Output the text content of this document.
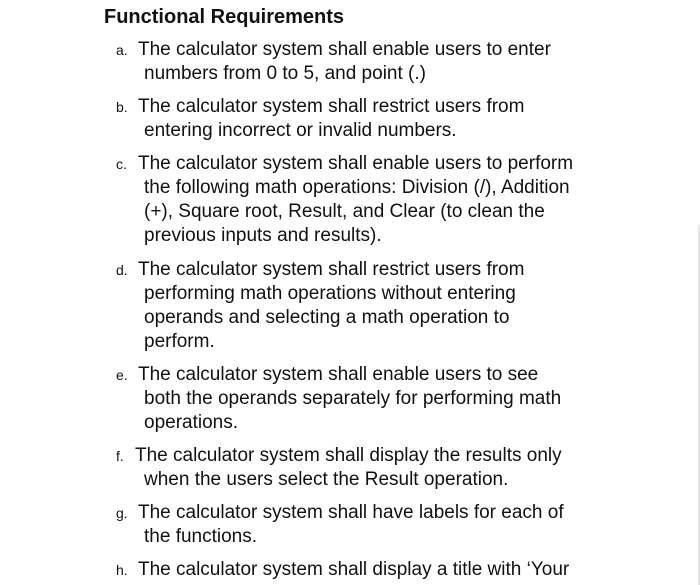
Functional Requirements
a. The calculator system shall enable users to enter
numbers from 0 to 5, and point (.)
b. The calculator system shall restrict users from
entering incorrect or invalid numbers.
c. The calculator system shall enable users to perform
the following math operations: Division (/), Addition
(+), Square root, Result, and Clear (to clean the
previous inputs and results).
d. The calculator system shall restrict users from
performing math operations without entering
operands and selecting a math operation to
perform.
e. The calculator system shall enable users to see
both the operands separately for performing math
operations.
f. The calculator system shall display the results only
when the users select the Result operation.
g. The calculator system shall have labels for each of
the functions.
h. The calculator system shall display a title with ‘Your
